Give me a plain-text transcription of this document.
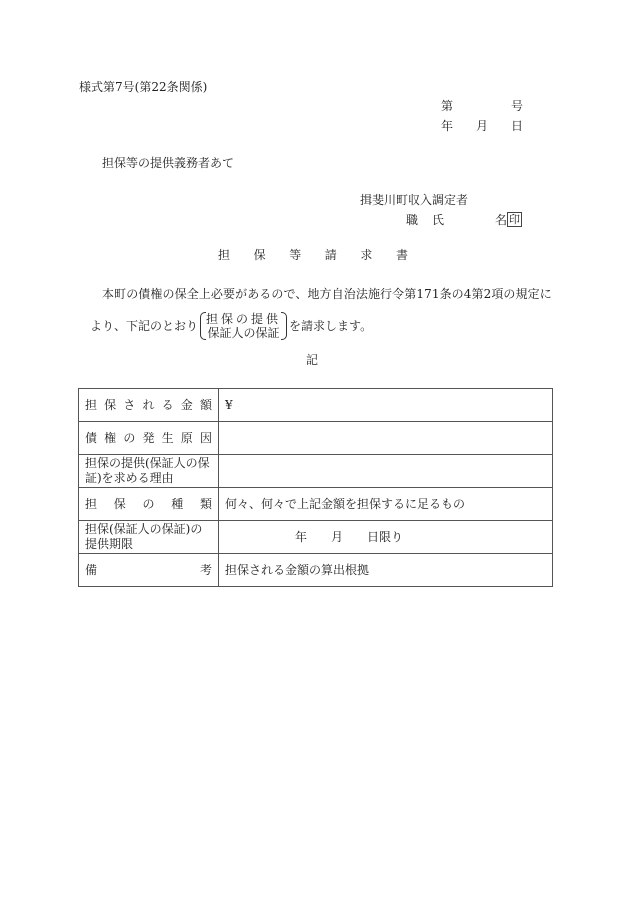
様式第7号(第22条関係)
第	号
年 月 日
担保等の提供義務者あて
揖斐川町収入調定者
職 氏	名 印
担 保 等 請 求 書
本町の債権の保全上必要があるので、地方自治法施行令第171条の4第2項の規定に
より、下記のとおり 担保の提供
保証人の保証 を請求します。
記
担 保 さ れ る 金 額	¥

債 権 の 発 生 原 因

担保の提供(保証人の保
証)を求める理由	

担 保 の 種 類	何々、何々で上記金額を担保するに足るもの

担保(保証人の保証)の
提供期限	年 月 日限り

備 考	担保される金額の算出根拠
